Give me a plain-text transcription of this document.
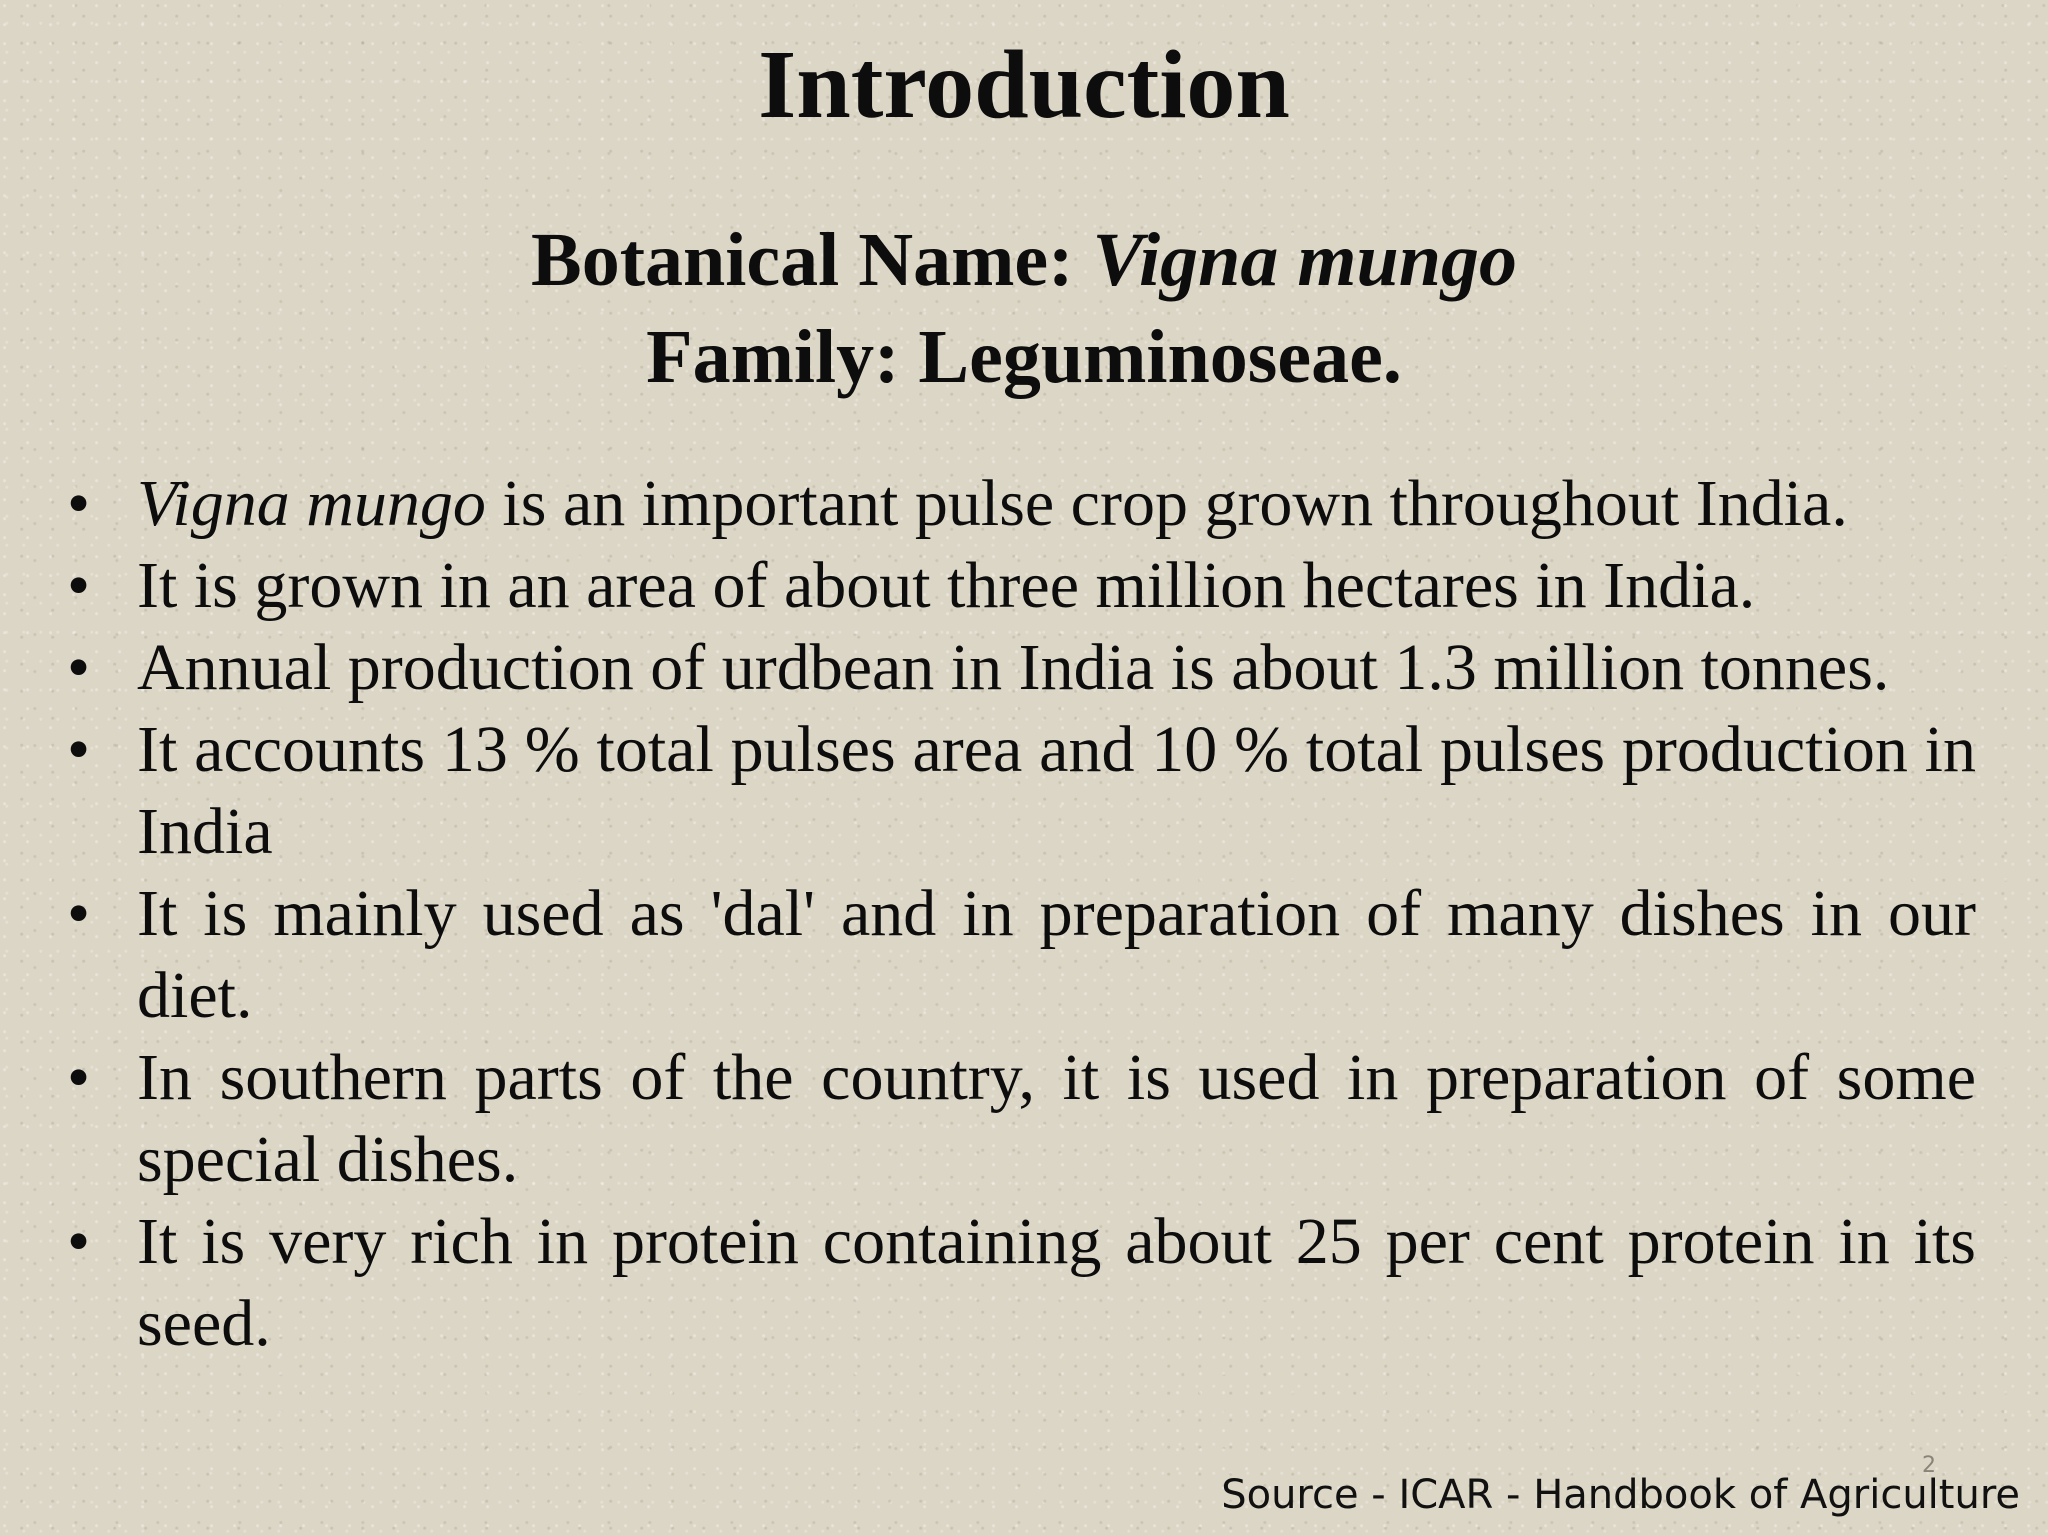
Introduction

Botanical Name: Vigna mungo

Family: Leguminoseae.

• Vigna mungo is an important pulse crop grown throughout India.
• It is grown in an area of about three million hectares in India.
• Annual production of urdbean in India is about 1.3 million tonnes.
• It accounts 13 % total pulses area and 10 % total pulses production in India
• It is mainly used as 'dal' and in preparation of many dishes in our diet.
• In southern parts of the country, it is used in preparation of some special dishes.
• It is very rich in protein containing about 25 per cent protein in its seed.
2
Source - ICAR - Handbook of Agriculture
